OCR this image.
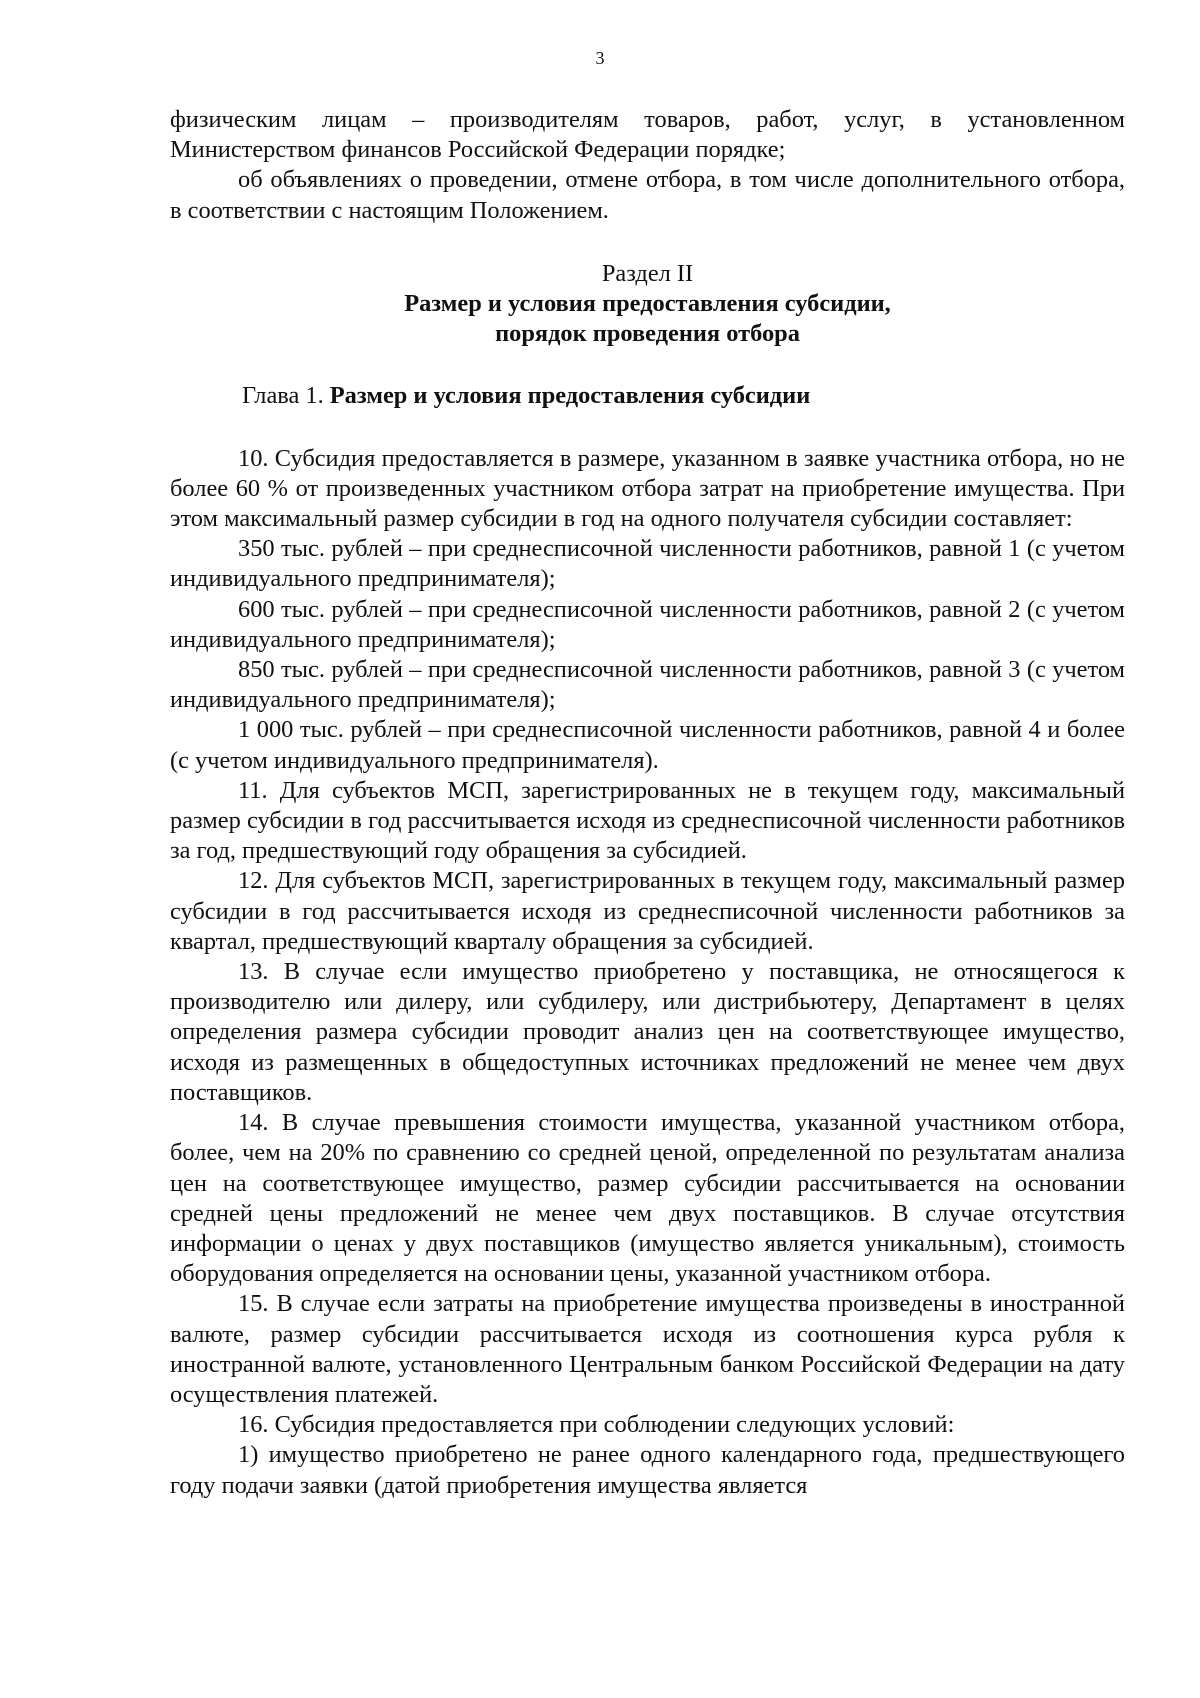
3

физическим лицам – производителям товаров, работ, услуг, в установленном Министерством финансов Российской Федерации порядке;

об объявлениях о проведении, отмене отбора, в том числе дополнительного отбора, в соответствии с настоящим Положением.

Раздел II

Размер и условия предоставления субсидии,

порядок проведения отбора

Глава 1. Размер и условия предоставления субсидии

10. Субсидия предоставляется в размере, указанном в заявке участника отбора, но не более 60 % от произведенных участником отбора затрат на приобретение имущества. При этом максимальный размер субсидии в год на одного получателя субсидии составляет:

350 тыс. рублей – при среднесписочной численности работников, равной 1 (с учетом индивидуального предпринимателя);

600 тыс. рублей – при среднесписочной численности работников, равной 2 (с учетом индивидуального предпринимателя);

850 тыс. рублей – при среднесписочной численности работников, равной 3 (с учетом индивидуального предпринимателя);

1 000 тыс. рублей – при среднесписочной численности работников, равной 4 и более (с учетом индивидуального предпринимателя).

11. Для субъектов МСП, зарегистрированных не в текущем году, максимальный размер субсидии в год рассчитывается исходя из среднесписочной численности работников за год, предшествующий году обращения за субсидией.

12. Для субъектов МСП, зарегистрированных в текущем году, максимальный размер субсидии в год рассчитывается исходя из среднесписочной численности работников за квартал, предшествующий кварталу обращения за субсидией.

13. В случае если имущество приобретено у поставщика, не относящегося к производителю или дилеру, или субдилеру, или дистрибьютеру, Департамент в целях определения размера субсидии проводит анализ цен на соответствующее имущество, исходя из размещенных в общедоступных источниках предложений не менее чем двух поставщиков.

14. В случае превышения стоимости имущества, указанной участником отбора, более, чем на 20% по сравнению со средней ценой, определенной по результатам анализа цен на соответствующее имущество, размер субсидии рассчитывается на основании средней цены предложений не менее чем двух поставщиков. В случае отсутствия информации о ценах у двух поставщиков (имущество является уникальным), стоимость оборудования определяется на основании цены, указанной участником отбора.

15. В случае если затраты на приобретение имущества произведены в иностранной валюте, размер субсидии рассчитывается исходя из соотношения курса рубля к иностранной валюте, установленного Центральным банком Российской Федерации на дату осуществления платежей.

16. Субсидия предоставляется при соблюдении следующих условий:

1) имущество приобретено не ранее одного календарного года, предшествующего году подачи заявки (датой приобретения имущества является
